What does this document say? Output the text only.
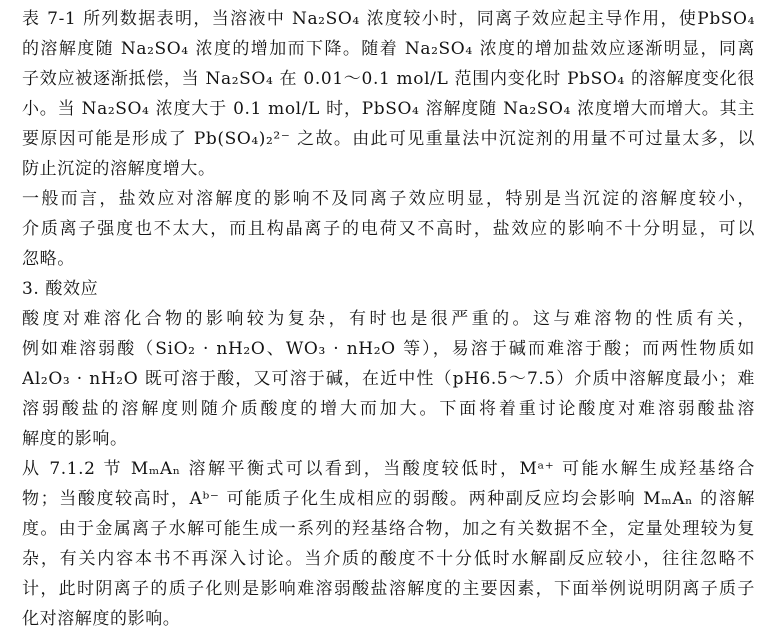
表 7-1 所列数据表明，当溶液中 Na₂SO₄ 浓度较小时，同离子效应起主导作用，使PbSO₄
的溶解度随 Na₂SO₄ 浓度的增加而下降。随着 Na₂SO₄ 浓度的增加盐效应逐渐明显，同离
子效应被逐渐抵偿，当 Na₂SO₄ 在 0.01～0.1 mol/L 范围内变化时 PbSO₄ 的溶解度变化很
小。当 Na₂SO₄ 浓度大于 0.1 mol/L 时，PbSO₄ 溶解度随 Na₂SO₄ 浓度增大而增大。其主
要原因可能是形成了 Pb(SO₄)₂²⁻ 之故。由此可见重量法中沉淀剂的用量不可过量太多，以
防止沉淀的溶解度增大。
一般而言，盐效应对溶解度的影响不及同离子效应明显，特别是当沉淀的溶解度较小，
介质离子强度也不太大，而且构晶离子的电荷又不高时，盐效应的影响不十分明显，可以
忽略。
3. 酸效应
酸度对难溶化合物的影响较为复杂，有时也是很严重的。这与难溶物的性质有关，
例如难溶弱酸（SiO₂ · nH₂O、WO₃ · nH₂O 等），易溶于碱而难溶于酸；而两性物质如
Al₂O₃ · nH₂O 既可溶于酸，又可溶于碱，在近中性（pH6.5～7.5）介质中溶解度最小；难
溶弱酸盐的溶解度则随介质酸度的增大而加大。下面将着重讨论酸度对难溶弱酸盐溶
解度的影响。
从 7.1.2 节 MₘAₙ 溶解平衡式可以看到，当酸度较低时，Mᵃ⁺ 可能水解生成羟基络合
物；当酸度较高时，Aᵇ⁻ 可能质子化生成相应的弱酸。两种副反应均会影响 MₘAₙ 的溶解
度。由于金属离子水解可能生成一系列的羟基络合物，加之有关数据不全，定量处理较为复
杂，有关内容本书不再深入讨论。当介质的酸度不十分低时水解副反应较小，往往忽略不
计，此时阴离子的质子化则是影响难溶弱酸盐溶解度的主要因素，下面举例说明阴离子质子
化对溶解度的影响。
